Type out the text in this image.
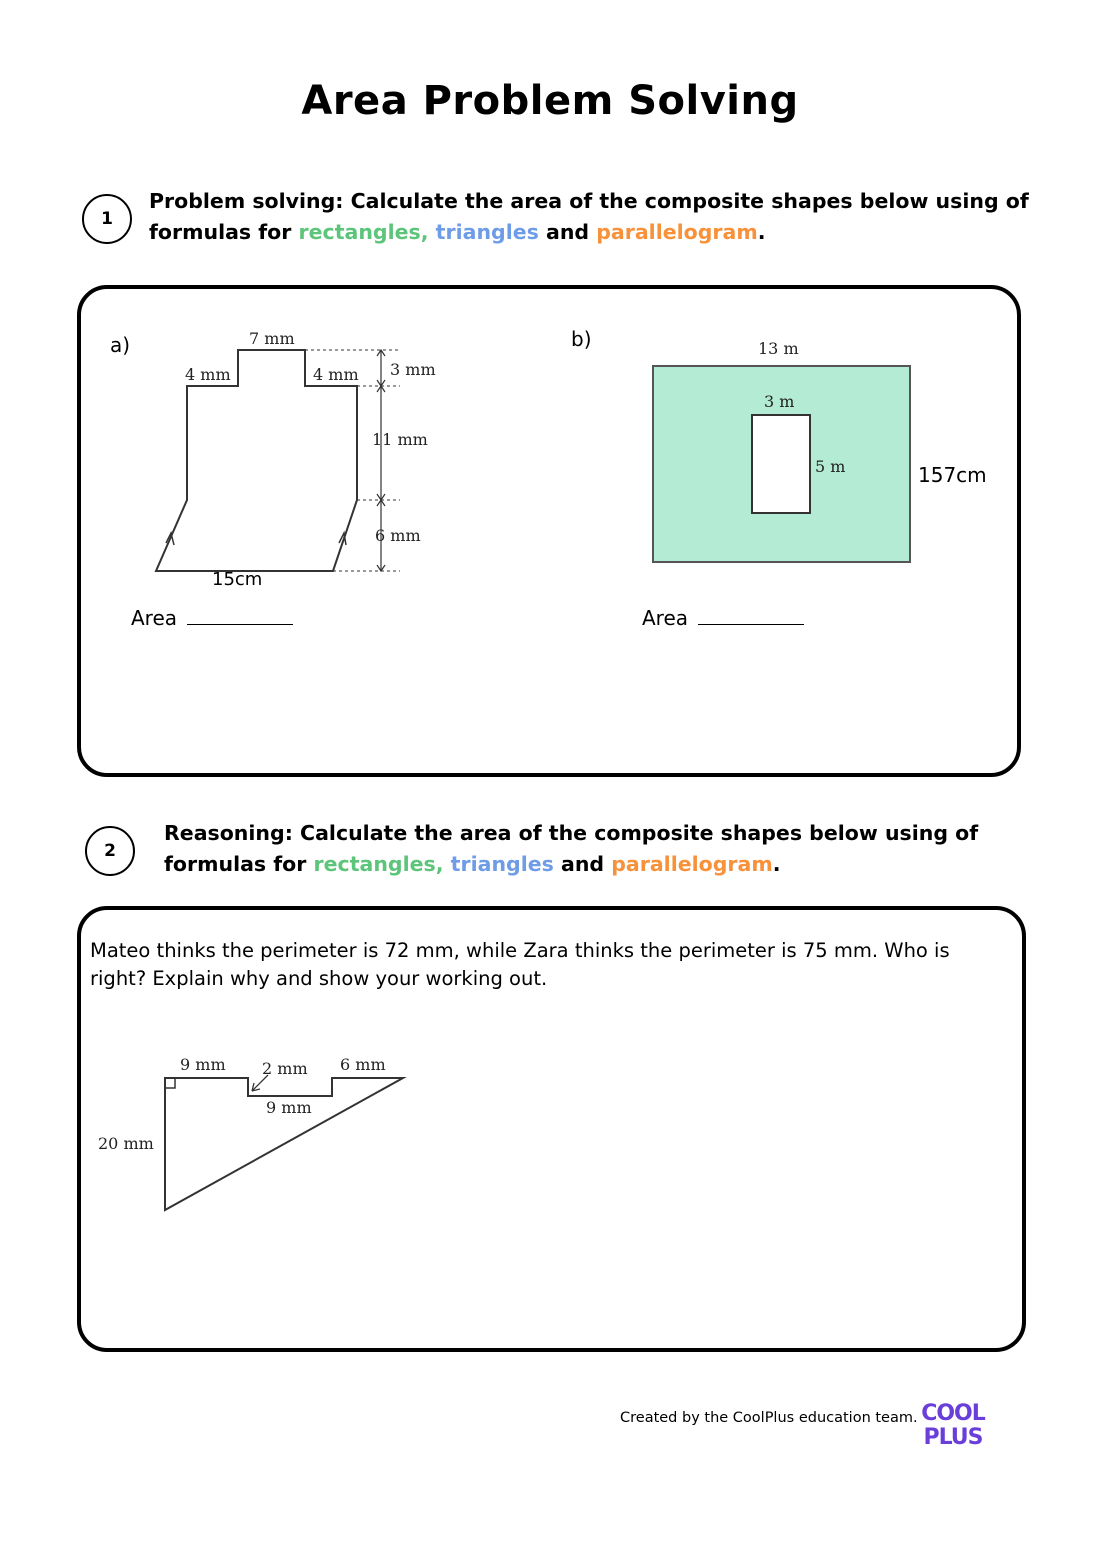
Area Problem Solving
1
Problem solving: Calculate the area of the composite shapes below using of formulas for rectangles, triangles and parallelogram.
a)	7 mm
4 mm	4 mm 3 mm
11 mm
6 mm
15cm
Area
b)	13 m
3 m
5 m	157cm
Area
2
Reasoning: Calculate the area of the composite shapes below using of formulas for rectangles, triangles and parallelogram.
Mateo thinks the perimeter is 72 mm, while Zara thinks the perimeter is 75 mm. Who is right? Explain why and show your working out.
9 mm 2 mm 6 mm
9 mm
20 mm
Created by the CoolPlus education team. COOL
PLUS
